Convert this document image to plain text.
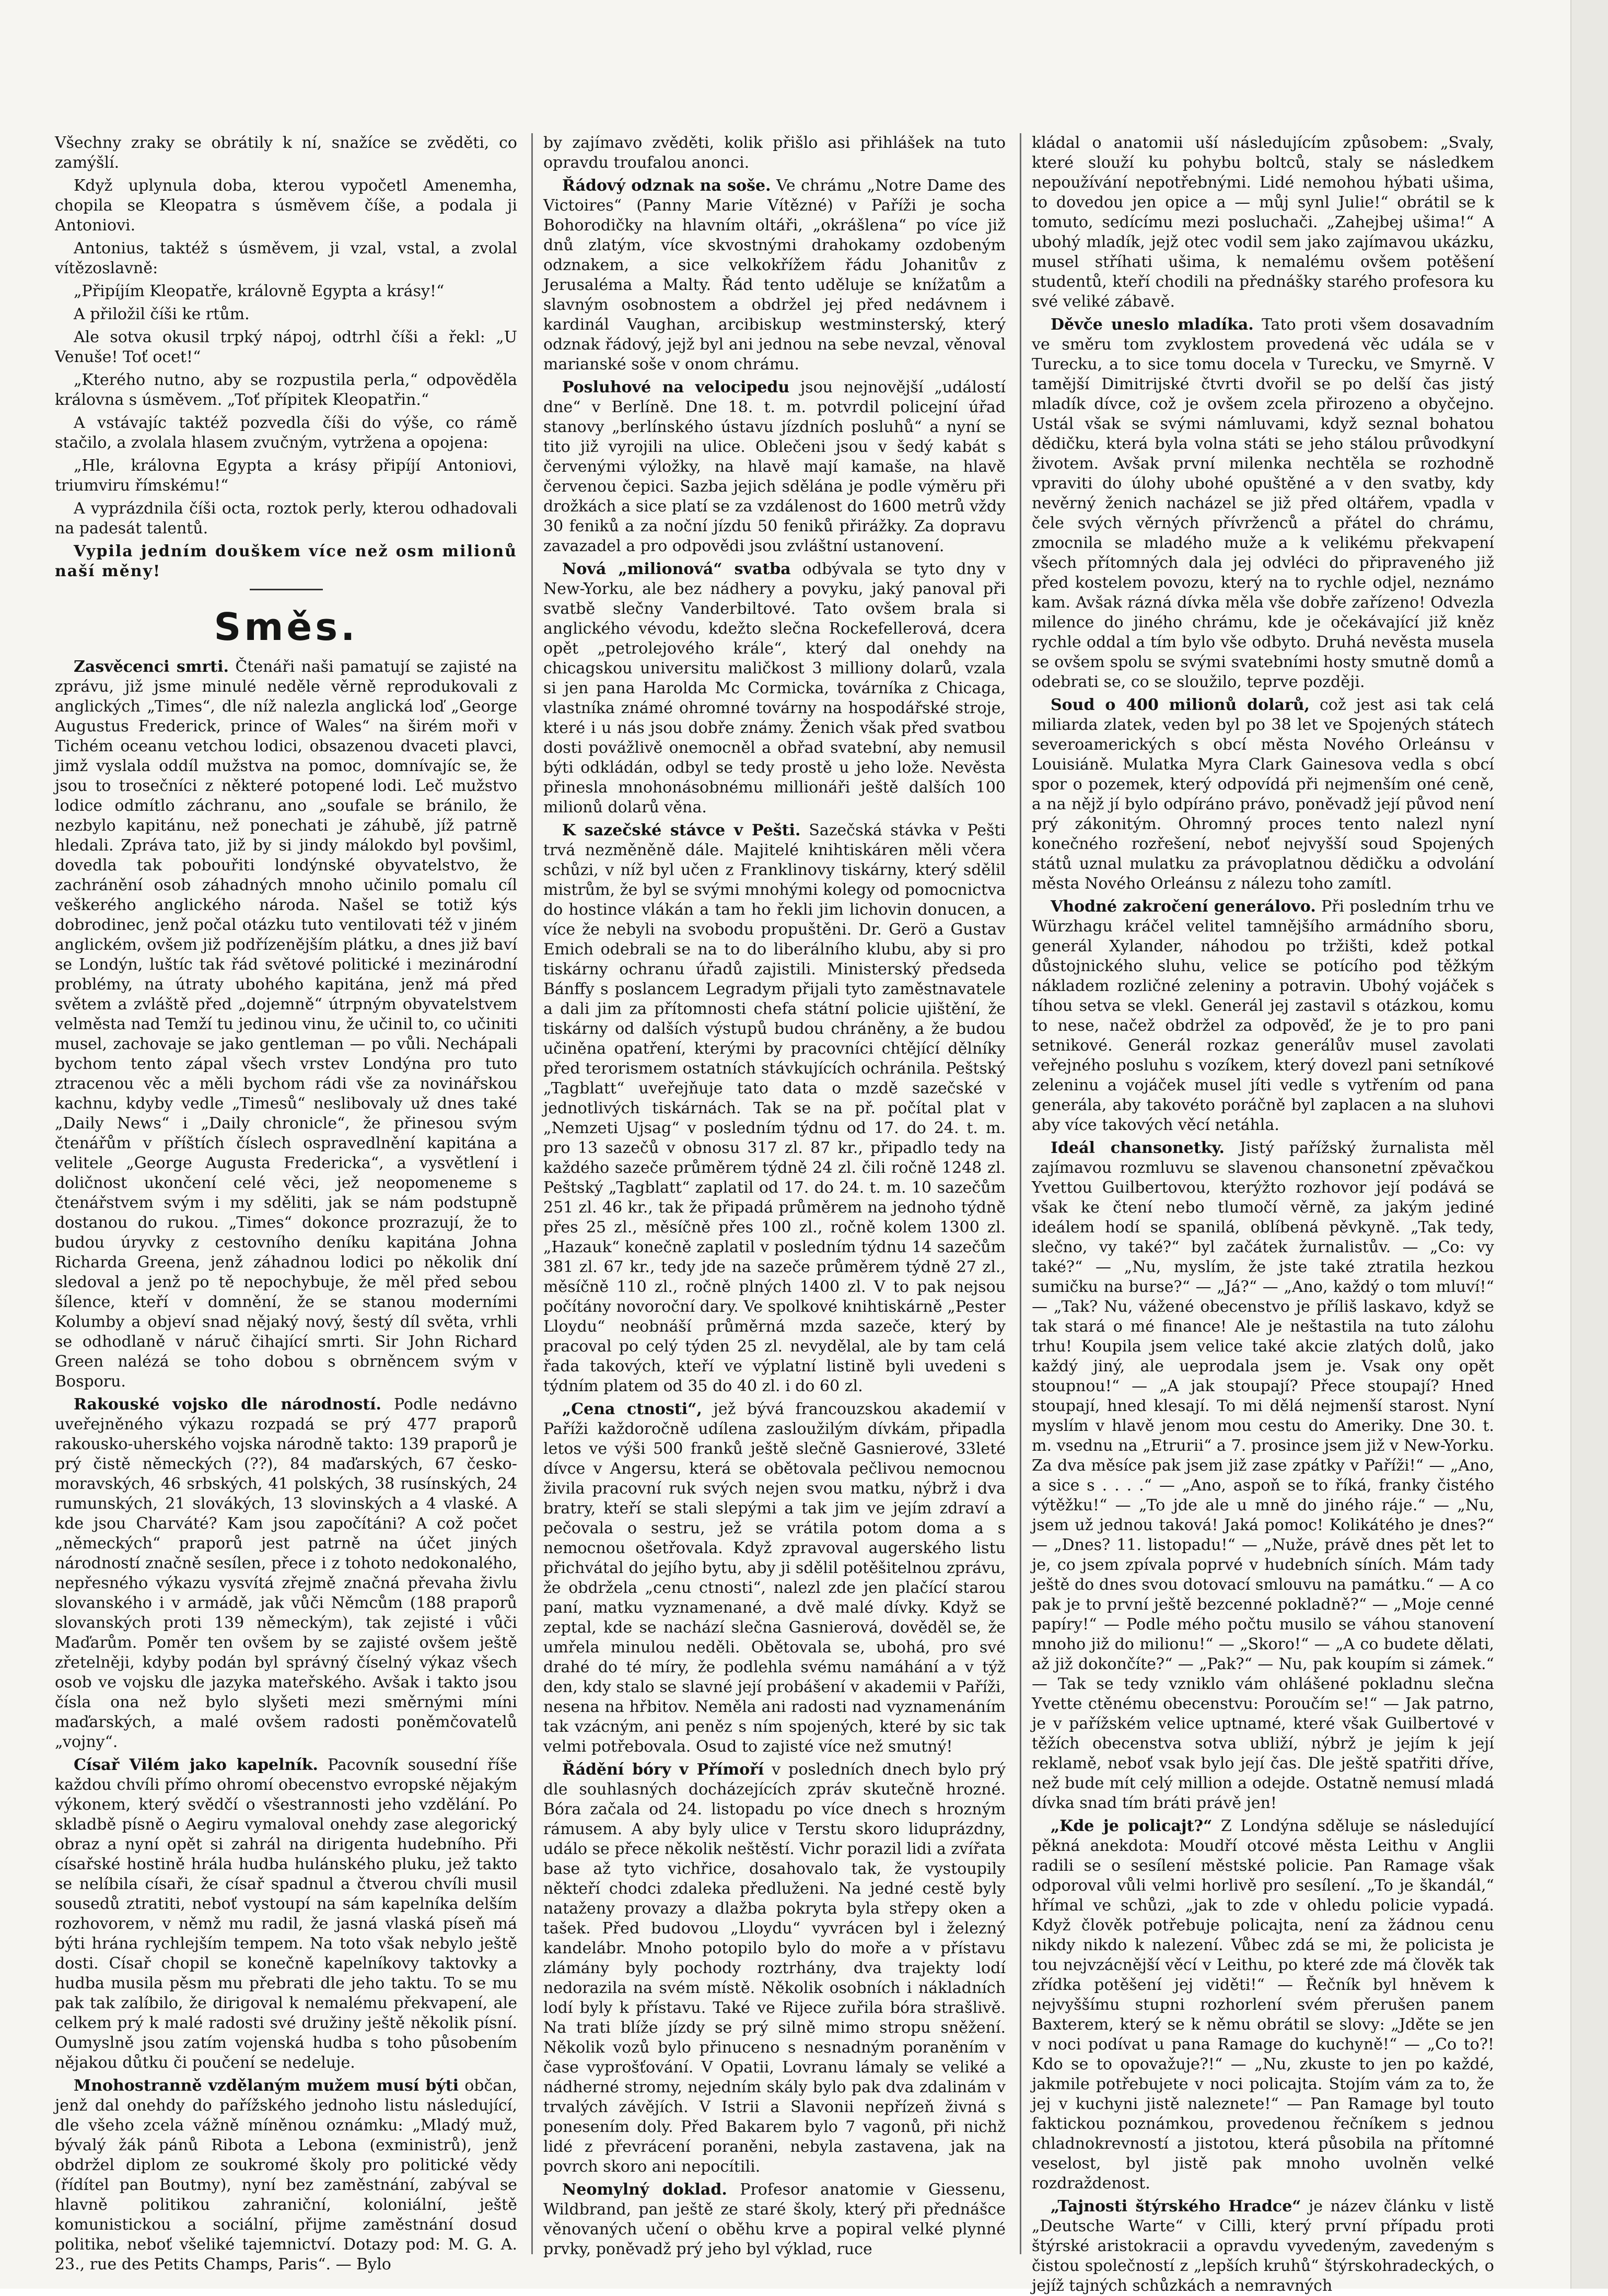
Všechny zraky se obrátily k ní, snažíce se zvěděti, co zamýšlí.

Když uplynula doba, kterou vypočetl Amenemha, chopila se Kleopatra s úsměvem číše, a podala ji Antoniovi.

Antonius, taktéž s úsměvem, ji vzal, vstal, a zvolal vítězoslavně:

„Připíjím Kleopatře, královně Egypta a krásy!“

A přiložil číši ke rtům.

Ale sotva okusil trpký nápoj, odtrhl číši a řekl: „U Venuše! Toť ocet!“

„Kterého nutno, aby se rozpustila perla,“ odpověděla královna s úsměvem. „Toť přípitek Kleopatřin.“

A vstávajíc taktéž pozvedla číši do výše, co rámě stačilo, a zvolala hlasem zvučným, vytržena a opojena:

„Hle, královna Egypta a krásy připíjí Antoniovi, triumviru římskému!“

A vyprázdnila číši octa, roztok perly, kterou odhadovali na padesát talentů.

Vypila jedním douškem více než osm milionů naší měny!

Směs.

Zasvěcenci smrti. Čtenáři naši pamatují se zajisté na zprávu, již jsme minulé neděle věrně reprodukovali z anglických „Times“, dle níž nalezla anglická loď „George Augustus Frederick, prince of Wales“ na širém moři v Tichém oceanu vetchou lodici, obsazenou dvaceti plavci, jimž vyslala oddíl mužstva na pomoc, domnívajíc se, že jsou to trosečníci z některé potopené lodi. Leč mužstvo lodice odmítlo záchranu, ano „soufale se bránilo, že nezbylo kapitánu, než ponechati je záhubě, jíž patrně hledali. Zpráva tato, již by si jindy málokdo byl povšiml, dovedla tak pobouřiti londýnské obyvatelstvo, že zachránění osob záhadných mnoho učinilo pomalu cíl veškerého anglického národa. Našel se totiž kýs dobrodinec, jenž počal otázku tuto ventilovati též v jiném anglickém, ovšem již podřízenějším plátku, a dnes již baví se Londýn, luštíc tak řád světové politické i mezinárodní problémy, na útraty ubohého kapitána, jenž má před světem a zvláště před „dojemně“ útrpným obyvatelstvem velměsta nad Temží tu jedinou vinu, že učinil to, co učiniti musel, zachovaje se jako gentleman — po vůli. Nechápali bychom tento zápal všech vrstev Londýna pro tuto ztracenou věc a měli bychom rádi vše za novinářskou kachnu, kdyby vedle „Timesů“ neslibovaly už dnes také „Daily News“ i „Daily chronicle“, že přinesou svým čtenářům v příštích číslech ospravedlnění kapitána a velitele „George Augusta Fredericka“, a vysvětlení i doličnost ukončení celé věci, jež neopomeneme s čtenářstvem svým i my sděliti, jak se nám podstupně dostanou do rukou. „Times“ dokonce prozrazují, že to budou úryvky z cestovního deníku kapitána Johna Richarda Greena, jenž záhadnou lodici po několik dní sledoval a jenž po tě nepochybuje, že měl před sebou šílence, kteří v domnění, že se stanou moderními Kolumby a objeví snad nějaký nový, šestý díl světa, vrhli se odhodlaně v náruč čihající smrti. Sir John Richard Green nalézá se toho dobou s obrněncem svým v Bosporu.

Rakouské vojsko dle národností. Podle nedávno uveřejněného výkazu rozpadá se prý 477 praporů rakousko-uherského vojska národně takto: 139 praporů je prý čistě německých (??), 84 maďarských, 67 česko-moravských, 46 srbských, 41 polských, 38 rusínských, 24 rumunských, 21 slovákých, 13 slovinských a 4 vlaské. A kde jsou Charváté? Kam jsou započítáni? A což počet „německých“ praporů jest patrně na účet jiných národností značně sesílen, přece i z tohoto nedokonalého, nepřesného výkazu vysvítá zřejmě značná převaha živlu slovanského i v armádě, jak vůči Němcům (188 praporů slovanských proti 139 německým), tak zejisté i vůči Maďarům. Poměr ten ovšem by se zajisté ovšem ještě zřetelněji, kdyby podán byl správný číselný výkaz všech osob ve vojsku dle jazyka mateřského. Avšak i takto jsou čísla ona než bylo slyšeti mezi směrnými míni maďarských, a malé ovšem radosti poněmčovatelů „vojny“.

Císař Vilém jako kapelník. Pacovník sousední říše každou chvíli přímo ohromí obecenstvo evropské nějakým výkonem, který svědčí o všestrannosti jeho vzdělání. Po skladbě písně o Aegiru vymaloval onehdy zase alegorický obraz a nyní opět si zahrál na dirigenta hudebního. Při císařské hostině hrála hudba hulánského pluku, jež takto se nelíbila císaři, že císař spadnul a čtverou chvíli musil sousedů ztratiti, neboť vystoupí na sám kapelníka delším rozhovorem, v němž mu radil, že jasná vlaská píseň má býti hrána rychlejším tempem. Na toto však nebylo ještě dosti. Císař chopil se konečně kapelníkovy taktovky a hudba musila pěsm mu přebrati dle jeho taktu. To se mu pak tak zalíbilo, že dirigoval k nemalému překvapení, ale celkem prý k malé radosti své družiny ještě několik písní. Oumyslně jsou zatím vojenská hudba s toho působením nějakou důtku či poučení se nedeluje.

Mnohostranně vzdělaným mužem musí býti občan, jenž dal onehdy do pařížského jednoho listu následující, dle všeho zcela vážně míněnou oznámku: „Mladý muž, bývalý žák pánů Ribota a Lebona (exministrů), jenž obdržel diplom ze soukromé školy pro politické vědy (řídítel pan Boutmy), nyní bez zaměstnání, zabýval se hlavně politikou zahraniční, koloniální, ještě komunistickou a sociální, přijme zaměstnání dosud politika, neboť všeliké tajemnictví. Dotazy pod: M. G. A. 23., rue des Petits Champs, Paris“. — Bylo

by zajímavo zvěděti, kolik přišlo asi přihlášek na tuto opravdu troufalou anonci.

Řádový odznak na soše. Ve chrámu „Notre Dame des Victoires“ (Panny Marie Vítězné) v Paříži je socha Bohorodičky na hlavním oltáři, „okrášlena“ po více již dnů zlatým, více skvostnými drahokamy ozdobeným odznakem, a sice velkokřížem řádu Johanitův z Jerusaléma a Malty. Řád tento uděluje se knížatům a slavným osobnostem a obdržel jej před nedávnem i kardinál Vaughan, arcibiskup westminsterský, který odznak řádový, jejž byl ani jednou na sebe nevzal, věnoval marianské soše v onom chrámu.

Posluhové na velocipedu jsou nejnovější „událostí dne“ v Berlíně. Dne 18. t. m. potvrdil policejní úřad stanovy „berlínského ústavu jízdních posluhů“ a nyní se tito již vyrojili na ulice. Oblečeni jsou v šedý kabát s červenými výložky, na hlavě mají kamaše, na hlavě červenou čepici. Sazba jejich sdělána je podle výměru při drožkách a sice platí se za vzdálenost do 1600 metrů vždy 30 feniků a za noční jízdu 50 feniků přirážky. Za dopravu zavazadel a pro odpovědi jsou zvláštní ustanovení.

Nová „milionová“ svatba odbývala se tyto dny v New-Yorku, ale bez nádhery a povyku, jaký panoval při svatbě slečny Vanderbiltové. Tato ovšem brala si anglického vévodu, kdežto slečna Rockefellerová, dcera opět „petrolejového krále“, který dal onehdy na chicagskou universitu maličkost 3 milliony dolarů, vzala si jen pana Harolda Mc Cormicka, továrníka z Chicaga, vlastníka známé ohromné továrny na hospodářské stroje, které i u nás jsou dobře známy. Ženich však před svatbou dosti povážlivě onemocněl a obřad svatební, aby nemusil býti odkládán, odbyl se tedy prostě u jeho lože. Nevěsta přinesla mnohonásobnému millionáři ještě dalších 100 milionů dolarů věna.

K sazečské stávce v Pešti. Sazečská stávka v Pešti trvá nezměněně dále. Majitelé knihtiskáren měli včera schůzi, v níž byl učen z Franklinovy tiskárny, který sdělil mistrům, že byl se svými mnohými kolegy od pomocnictva do hostince vlákán a tam ho řekli jim lichovin donucen, a více že nebyli na svobodu propuštěni. Dr. Gerö a Gustav Emich odebrali se na to do liberálního klubu, aby si pro tiskárny ochranu úřadů zajistili. Ministerský předseda Bánffy s poslancem Legradym přijali tyto zaměstnavatele a dali jim za přítomnosti chefa státní policie ujištění, že tiskárny od dalších výstupů budou chráněny, a že budou učiněna opatření, kterými by pracovníci chtějící dělníky před terorismem ostatních stávkujících ochránila. Peštský „Tagblatt“ uveřejňuje tato data o mzdě sazečské v jednotlivých tiskárnách. Tak se na př. počítal plat v „Nemzeti Ujsag“ v posledním týdnu od 17. do 24. t. m. pro 13 sazečů v obnosu 317 zl. 87 kr., připadlo tedy na každého sazeče průměrem týdně 24 zl. čili ročně 1248 zl. Peštský „Tagblatt“ zaplatil od 17. do 24. t. m. 10 sazečům 251 zl. 46 kr., tak že připadá průměrem na jednoho týdně přes 25 zl., měsíčně přes 100 zl., ročně kolem 1300 zl. „Hazauk“ konečně zaplatil v posledním týdnu 14 sazečům 381 zl. 67 kr., tedy jde na sazeče průměrem týdně 27 zl., měsíčně 110 zl., ročně plných 1400 zl. V to pak nejsou počítány novoroční dary. Ve spolkové knihtiskárně „Pester Lloydu“ neobnáší průměrná mzda sazeče, který by pracoval po celý týden 25 zl. nevydělal, ale by tam celá řada takových, kteří ve výplatní listině byli uvedeni s týdním platem od 35 do 40 zl. i do 60 zl.

„Cena ctnosti“, jež bývá francouzskou akademií v Paříži každoročně udílena zasloužilým dívkám, připadla letos ve výši 500 franků ještě slečně Gasnierové, 33leté dívce v Angersu, která se obětovala pečlivou nemocnou živila pracovní ruk svých nejen svou matku, nýbrž i dva bratry, kteří se stali slepými a tak jim ve jejím zdraví a pečovala o sestru, jež se vrátila potom doma a s nemocnou ošetřovala. Když zpravoval augerského listu přichvátal do jejího bytu, aby ji sdělil potěšitelnou zprávu, že obdržela „cenu ctnosti“, nalezl zde jen plačící starou paní, matku vyznamenané, a dvě malé dívky. Když se zeptal, kde se nachází slečna Gasnierová, dověděl se, že umřela minulou neděli. Obětovala se, ubohá, pro své drahé do té míry, že podlehla svému namáhání a v týž den, kdy stalo se slavné její probášení v akademii v Paříži, nesena na hřbitov. Neměla ani radosti nad vyznamenáním tak vzácným, ani peněz s ním spojených, které by sic tak velmi potřebovala. Osud to zajisté více než smutný!

Řádění bóry v Přímoří v posledních dnech bylo prý dle souhlasných docházejících zpráv skutečně hrozné. Bóra začala od 24. listopadu po více dnech s hrozným rámusem. A aby byly ulice v Terstu skoro liduprázdny, událo se přece několik neštěstí. Vichr porazil lidi a zvířata base až tyto vichřice, dosahovalo tak, že vystoupily někteří chodci zdaleka předluženi. Na jedné cestě byly nataženy provazy a dlažba pokryta byla střepy oken a tašek. Před budovou „Lloydu“ vyvrácen byl i železný kandelábr. Mnoho potopilo bylo do moře a v přístavu zlámány byly pochody roztrhány, dva trajekty lodí nedorazila na svém místě. Několik osobních i nákladních lodí byly k přístavu. Také ve Rijece zuřila bóra strašlivě. Na trati blíže jízdy se prý silně mimo stropu sněžení. Několik vozů bylo přinuceno s nesnadným poraněním v čase vyprošťování. V Opatii, Lovranu lámaly se veliké a nádherné stromy, nejedním skály bylo pak dva zdalinám v trvalých závějích. V Istrii a Slavonii nepřízeň živná s ponesením doly. Před Bakarem bylo 7 vagonů, při nichž lidé z převrácení poraněni, nebyla zastavena, jak na povrch skoro ani nepocítili.

Neomylný doklad. Profesor anatomie v Giessenu, Wildbrand, pan ještě ze staré školy, který při přednášce věnovaných učení o oběhu krve a popiral velké plynné prvky, poněvadž prý jeho byl výklad, ruce

kládal o anatomii uší následujícím způsobem: „Svaly, které slouží ku pohybu boltců, staly se následkem nepoužívání nepotřebnými. Lidé nemohou hýbati ušima, to dovedou jen opice a — můj synl Julie!“ obrátil se k tomuto, sedícímu mezi posluchači. „Zahejbej ušima!“ A ubohý mladík, jejž otec vodil sem jako zajímavou ukázku, musel stříhati ušima, k nemalému ovšem potěšení studentů, kteří chodili na přednášky starého profesora ku své veliké zábavě.

Děvče uneslo mladíka. Tato proti všem dosavadním ve směru tom zvyklostem provedená věc udála se v Turecku, a to sice tomu docela v Turecku, ve Smyrně. V tamější Dimitrijské čtvrti dvořil se po delší čas jistý mladík dívce, což je ovšem zcela přirozeno a obyčejno. Ustál však se svými námluvami, když seznal bohatou dědičku, která byla volna státi se jeho stálou průvodkyní životem. Avšak první milenka nechtěla se rozhodně vpraviti do úlohy ubohé opuštěné a v den svatby, kdy nevěrný ženich nacházel se již před oltářem, vpadla v čele svých věrných přívrženců a přátel do chrámu, zmocnila se mladého muže a k velikému překvapení všech přítomných dala jej odvléci do připraveného již před kostelem povozu, který na to rychle odjel, neznámo kam. Avšak rázná dívka měla vše dobře zařízeno! Odvezla milence do jiného chrámu, kde je očekávající již kněz rychle oddal a tím bylo vše odbyto. Druhá nevěsta musela se ovšem spolu se svými svatebními hosty smutně domů a odebrati se, co se sloužilo, teprve později.

Soud o 400 milionů dolarů, což jest asi tak celá miliarda zlatek, veden byl po 38 let ve Spojených státech severoamerických s obcí města Nového Orleánsu v Louisiáně. Mulatka Myra Clark Gainesova vedla s obcí spor o pozemek, který odpovídá při nejmenším oné ceně, a na nějž jí bylo odpíráno právo, poněvadž její původ není prý zákonitým. Ohromný proces tento nalezl nyní konečného rozřešení, neboť nejvyšší soud Spojených států uznal mulatku za právoplatnou dědičku a odvolání města Nového Orleánsu z nálezu toho zamítl.

Vhodné zakročení generálovo. Při posledním trhu ve Würzhagu kráčel velitel tamnějšího armádního sboru, generál Xylander, náhodou po tržišti, kdež potkal důstojnického sluhu, velice se potícího pod těžkým nákladem rozličné zeleniny a potravin. Ubohý vojáček s tíhou setva se vlekl. Generál jej zastavil s otázkou, komu to nese, načež obdržel za odpověď, že je to pro pani setnikové. Generál rozkaz generálův musel zavolati veřejného posluhu s vozíkem, který dovezl pani setníkové zeleninu a vojáček musel jíti vedle s vytřením od pana generála, aby takovéto poráčně byl zaplacen a na sluhovi aby více takových věcí netáhla.

Ideál chansonetky. Jistý pařížský žurnalista měl zajímavou rozmluvu se slavenou chansonetní zpěvačkou Yvettou Guilbertovou, kterýžto rozhovor její podává se však ke čtení nebo tlumočí věrně, za jakým jediné ideálem hodí se spanilá, oblíbená pěvkyně. „Tak tedy, slečno, vy také?“ byl začátek žurnalistův. — „Co: vy také?“ — „Nu, myslím, že jste také ztratila hezkou sumičku na burse?“ — „Já?“ — „Ano, každý o tom mluví!“ — „Tak? Nu, vážené obecenstvo je příliš laskavo, když se tak stará o mé finance! Ale je neštastila na tuto zálohu trhu! Koupila jsem velice také akcie zlatých dolů, jako každý jiný, ale ueprodala jsem je. Vsak ony opět stoupnou!“ — „A jak stoupají? Přece stoupají? Hned stoupají, hned klesají. To mi dělá nejmenší starost. Nyní myslím v hlavě jenom mou cestu do Ameriky. Dne 30. t. m. vsednu na „Etrurii“ a 7. prosince jsem již v New-Yorku. Za dva měsíce pak jsem již zase zpátky v Paříži!“ — „Ano, a sice s . . . .“ — „Ano, aspoň se to říká, franky čistého výtěžku!“ — „To jde ale u mně do jiného ráje.“ — „Nu, jsem už jednou taková! Jaká pomoc! Kolikátého je dnes?“ — „Dnes? 11. listopadu!“ — „Nuže, právě dnes pět let to je, co jsem zpívala poprvé v hudebních síních. Mám tady ještě do dnes svou dotovací smlouvu na památku.“ — A co pak je to první ještě bezcenné pokladně?“ — „Moje cenné papíry!“ — Podle mého počtu musilo se váhou stanovení mnoho již do milionu!“ — „Skoro!“ — „A co budete dělati, až již dokončíte?“ — „Pak?“ — Nu, pak koupím si zámek.“ — Tak se tedy vzniklo vám ohlášené pokladnu slečna Yvette ctěnému obecenstvu: Poroučím se!“ — Jak patrno, je v pařížském velice uptnamé, které však Guilbertové v těžích obecenstva sotva ubliží, nýbrž je jejím k její reklamě, neboť vsak bylo její čas. Dle ještě spatřiti dříve, než bude mít celý million a odejde. Ostatně nemusí mladá dívka snad tím bráti právě jen!

„Kde je policajt?“ Z Londýna sděluje se následující pěkná anekdota: Moudří otcové města Leithu v Anglii radili se o sesílení městské policie. Pan Ramage však odporoval vůli velmi horlivě pro sesílení. „To je škandál,“ hřímal ve schůzi, „jak to zde v ohledu policie vypadá. Když člověk potřebuje policajta, není za žádnou cenu nikdy nikdo k nalezení. Vůbec zdá se mi, že policista je tou nejvzácnější věcí v Leithu, po které zde má člověk tak zřídka potěšení jej viděti!“ — Řečník byl hněvem k nejvyššímu stupni rozhorlení svém přerušen panem Baxterem, který se k němu obrátil se slovy: „Jděte se jen v noci podívat u pana Ramage do kuchyně!“ — „Co to?! Kdo se to opovažuje?!“ — „Nu, zkuste to jen po každé, jakmile potřebujete v noci policajta. Stojím vám za to, že jej v kuchyni jistě naleznete!“ — Pan Ramage byl touto faktickou poznámkou, provedenou řečníkem s jednou chladnokrevností a jistotou, která působila na přítomné veselost, byl jistě pak mnoho uvolněn velké rozdraždenost.

„Tajnosti štýrského Hradce“ je název článku v listě „Deutsche Warte“ v Cilli, který první případu proti štýrské aristokracii a opravdu vyvedeným, zavedeným s čistou společností z „lepších kruhů“ štýrskohradeckých, o jejíž tajných schůzkách a nemravných
